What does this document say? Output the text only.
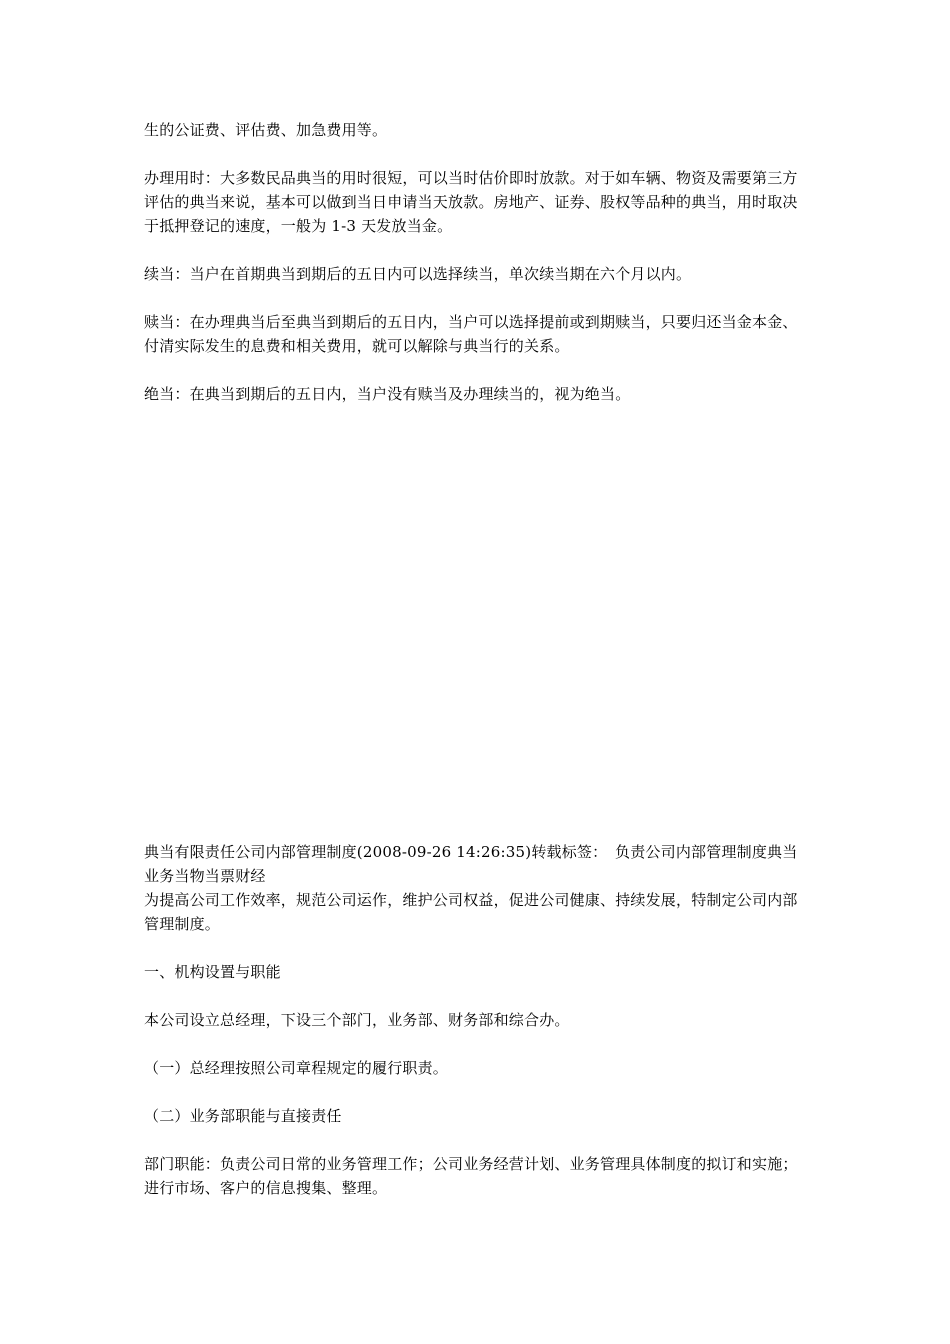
生的公证费、评估费、加急费用等。

办理用时：大多数民品典当的用时很短，可以当时估价即时放款。对于如车辆、物资及需要第三方评估的典当来说，基本可以做到当日申请当天放款。房地产、证券、股权等品种的典当，用时取决于抵押登记的速度，一般为 1-3 天发放当金。

续当：当户在首期典当到期后的五日内可以选择续当，单次续当期在六个月以内。

赎当：在办理典当后至典当到期后的五日内，当户可以选择提前或到期赎当，只要归还当金本金、付清实际发生的息费和相关费用，就可以解除与典当行的关系。

绝当：在典当到期后的五日内，当户没有赎当及办理续当的，视为绝当。

典当有限责任公司内部管理制度(2008-09-26 14:26:35)转载标签：　负责公司内部管理制度典当业务当物当票财经

为提高公司工作效率，规范公司运作，维护公司权益，促进公司健康、持续发展，特制定公司内部管理制度。

一、机构设置与职能

本公司设立总经理，下设三个部门，业务部、财务部和综合办。

（一）总经理按照公司章程规定的履行职责。

（二）业务部职能与直接责任

部门职能：负责公司日常的业务管理工作；公司业务经营计划、业务管理具体制度的拟订和实施；进行市场、客户的信息搜集、整理。
